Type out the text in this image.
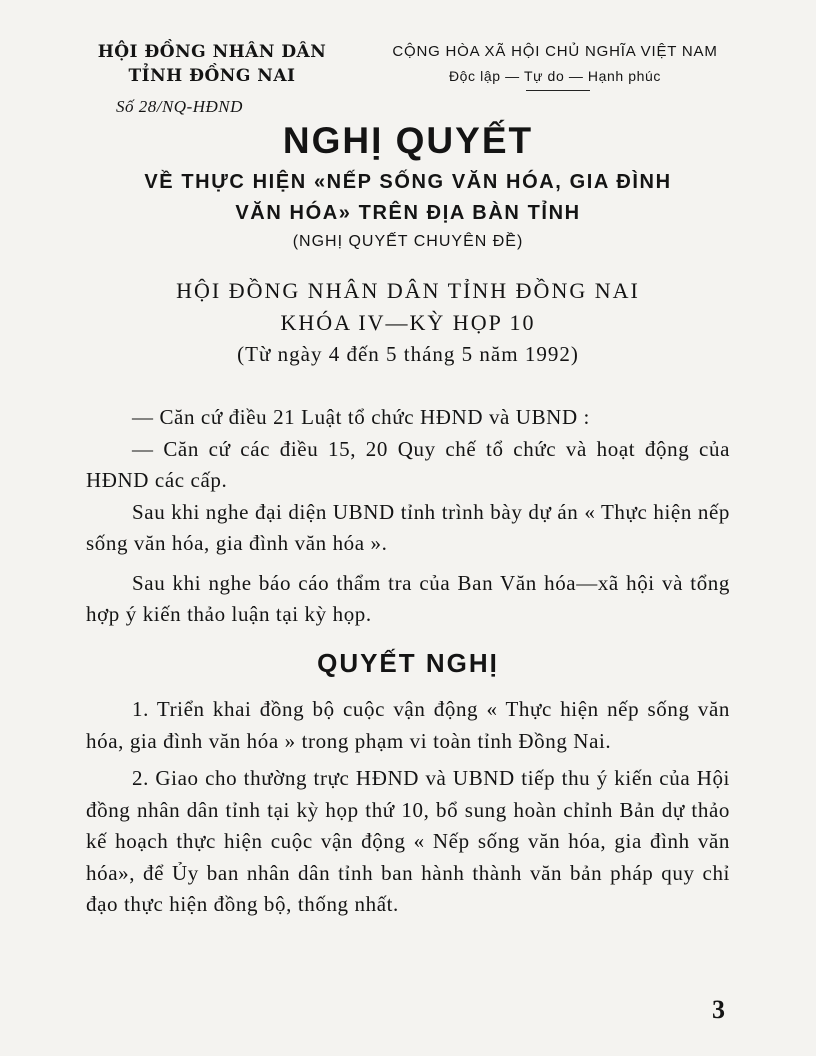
HỘI ĐỒNG NHÂN DÂN
TỈNH ĐỒNG NAI
CỘNG HÒA XÃ HỘI CHỦ NGHĨA VIỆT NAM
Độc lập — Tự do — Hạnh phúc
Số 28/NQ-HĐND
NGHỊ QUYẾT
VỀ THỰC HIỆN «NẾP SỐNG VĂN HÓA, GIA ĐÌNH
VĂN HÓA» TRÊN ĐỊA BÀN TỈNH
(NGHỊ QUYẾT CHUYÊN ĐỀ)
HỘI ĐỒNG NHÂN DÂN TỈNH ĐỒNG NAI
KHÓA IV—KỲ HỌP 10
(Từ ngày 4 đến 5 tháng 5 năm 1992)

— Căn cứ điều 21 Luật tổ chức HĐND và UBND :

— Căn cứ các điều 15, 20 Quy chế tổ chức và hoạt động của HĐND các cấp.

Sau khi nghe đại diện UBND tỉnh trình bày dự án « Thực hiện nếp sống văn hóa, gia đình văn hóa ».

Sau khi nghe báo cáo thẩm tra của Ban Văn hóa—xã hội và tổng hợp ý kiến thảo luận tại kỳ họp.

QUYẾT NGHỊ

1. Triển khai đồng bộ cuộc vận động « Thực hiện nếp sống văn hóa, gia đình văn hóa » trong phạm vi toàn tỉnh Đồng Nai.

2. Giao cho thường trực HĐND và UBND tiếp thu ý kiến của Hội đồng nhân dân tỉnh tại kỳ họp thứ 10, bổ sung hoàn chỉnh Bản dự thảo kế hoạch thực hiện cuộc vận động « Nếp sống văn hóa, gia đình văn hóa», để Ủy ban nhân dân tỉnh ban hành thành văn bản pháp quy chỉ đạo thực hiện đồng bộ, thống nhất.

3
